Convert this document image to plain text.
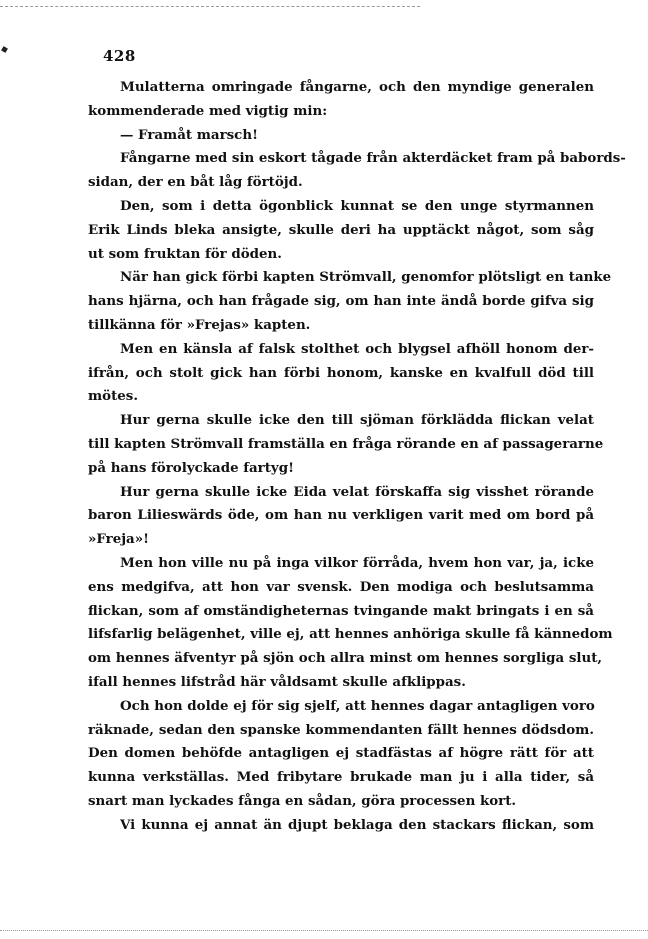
428
Mulatterna omringade fångarne, och den myndige generalen
kommenderade med vigtig min:
— Framåt marsch!
Fångarne med sin eskort tågade från akterdäcket fram på babords-
sidan, der en båt låg förtöjd.
Den, som i detta ögonblick kunnat se den unge styrmannen
Erik Linds bleka ansigte, skulle deri ha upptäckt något, som såg
ut som fruktan för döden.
När han gick förbi kapten Strömvall, genomfor plötsligt en tanke
hans hjärna, och han frågade sig, om han inte ändå borde gifva sig
tillkänna för »Frejas» kapten.
Men en känsla af falsk stolthet och blygsel afhöll honom der-
ifrån, och stolt gick han förbi honom, kanske en kvalfull död till
mötes.
Hur gerna skulle icke den till sjöman förklädda flickan velat
till kapten Strömvall framställa en fråga rörande en af passagerarne
på hans förolyckade fartyg!
Hur gerna skulle icke Eida velat förskaffa sig visshet rörande
baron Lilieswärds öde, om han nu verkligen varit med om bord på
»Freja»!
Men hon ville nu på inga vilkor förråda, hvem hon var, ja, icke
ens medgifva, att hon var svensk. Den modiga och beslutsamma
flickan, som af omständigheternas tvingande makt bringats i en så
lifsfarlig belägenhet, ville ej, att hennes anhöriga skulle få kännedom
om hennes äfventyr på sjön och allra minst om hennes sorgliga slut,
ifall hennes lifstråd här våldsamt skulle afklippas.
Och hon dolde ej för sig sjelf, att hennes dagar antagligen voro
räknade, sedan den spanske kommendanten fällt hennes dödsdom.
Den domen behöfde antagligen ej stadfästas af högre rätt för att
kunna verkställas. Med fribytare brukade man ju i alla tider, så
snart man lyckades fånga en sådan, göra processen kort.
Vi kunna ej annat än djupt beklaga den stackars flickan, som
